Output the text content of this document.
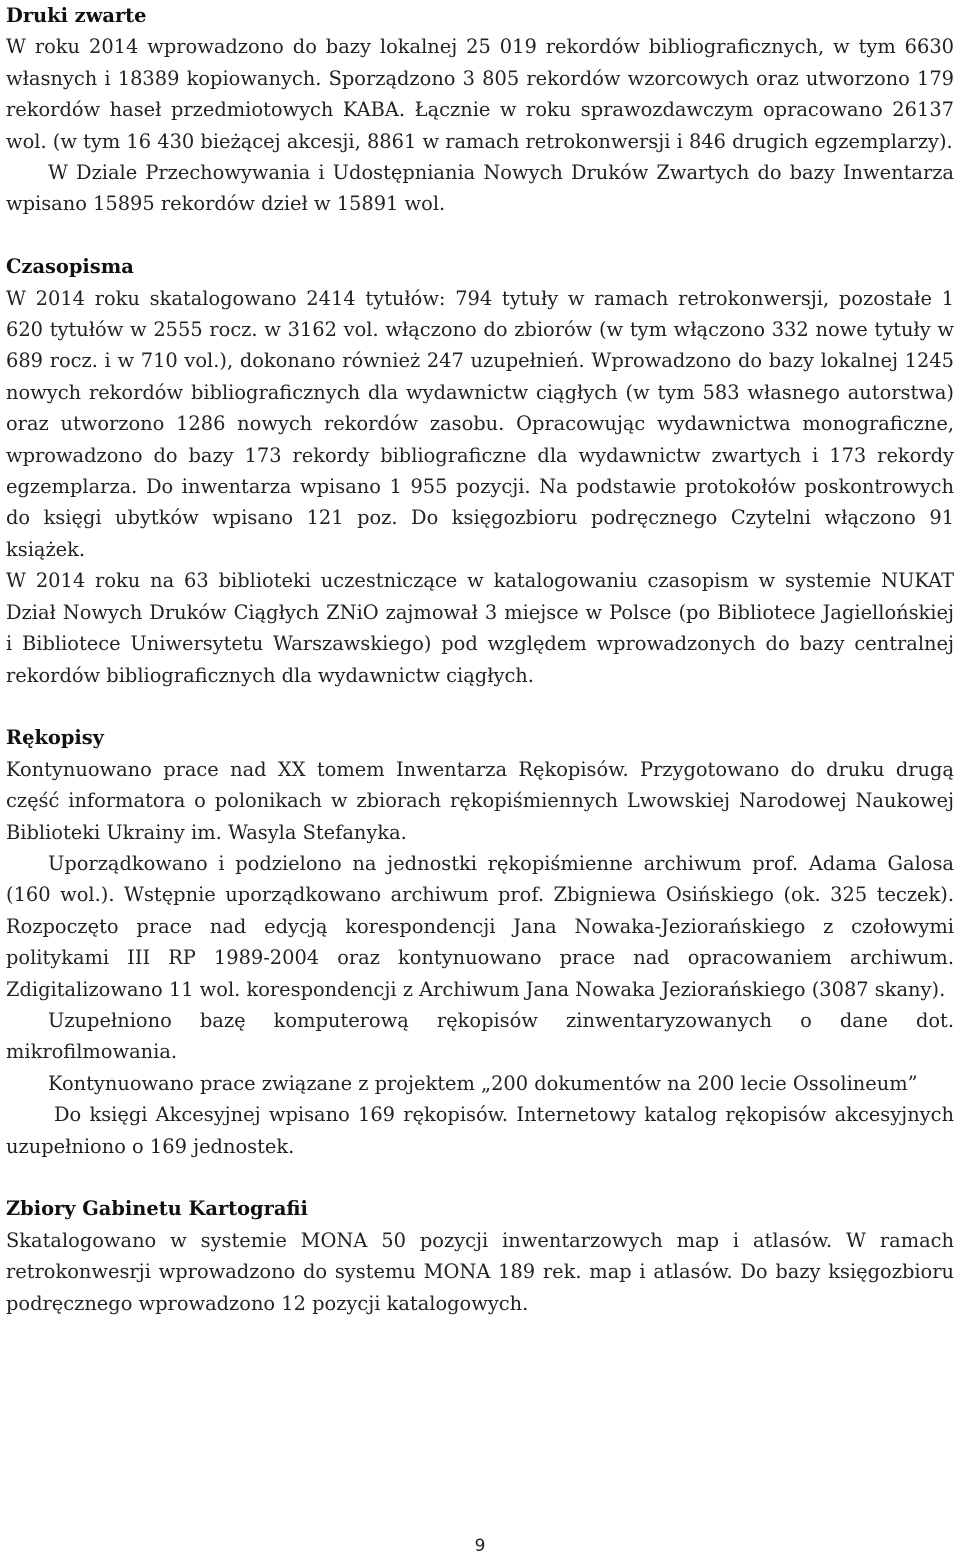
Druki zwarte

W roku 2014 wprowadzono do bazy lokalnej 25 019 rekordów bibliograficznych, w tym 6630 własnych i 18389 kopiowanych. Sporządzono 3 805 rekordów wzorcowych oraz utworzono 179 rekordów haseł przedmiotowych KABA. Łącznie w roku sprawozdawczym opracowano 26137 wol. (w tym 16 430 bieżącej akcesji, 8861 w ramach retrokonwersji i 846 drugich egzemplarzy).

W Dziale Przechowywania i Udostępniania Nowych Druków Zwartych do bazy Inwentarza wpisano 15895 rekordów dzieł w 15891 wol.

Czasopisma

W 2014 roku skatalogowano 2414 tytułów: 794 tytuły w ramach retrokonwersji, pozostałe 1 620 tytułów w 2555 rocz. w 3162 vol. włączono do zbiorów (w tym włączono 332 nowe tytuły w 689 rocz. i w 710 vol.), dokonano również 247 uzupełnień. Wprowadzono do bazy lokalnej 1245 nowych rekordów bibliograficznych dla wydawnictw ciągłych (w tym 583 własnego autorstwa) oraz utworzono 1286 nowych rekordów zasobu. Opracowując wydawnictwa monograficzne, wprowadzono do bazy 173 rekordy bibliograficzne dla wydawnictw zwartych i 173 rekordy egzemplarza. Do inwentarza wpisano 1 955 pozycji. Na podstawie protokołów poskontrowych do księgi ubytków wpisano 121 poz. Do księgozbioru podręcznego Czytelni włączono 91 książek.

W 2014 roku na 63 biblioteki uczestniczące w katalogowaniu czasopism w systemie NUKAT Dział Nowych Druków Ciągłych ZNiO zajmował 3 miejsce w Polsce (po Bibliotece Jagiellońskiej i Bibliotece Uniwersytetu Warszawskiego) pod względem wprowadzonych do bazy centralnej rekordów bibliograficznych dla wydawnictw ciągłych.

Rękopisy

Kontynuowano prace nad XX tomem Inwentarza Rękopisów. Przygotowano do druku drugą część informatora o polonikach w zbiorach rękopiśmiennych Lwowskiej Narodowej Naukowej Biblioteki Ukrainy im. Wasyla Stefanyka.

Uporządkowano i podzielono na jednostki rękopiśmienne archiwum prof. Adama Galosa (160 wol.). Wstępnie uporządkowano archiwum prof. Zbigniewa Osińskiego (ok. 325 teczek). Rozpoczęto prace nad edycją korespondencji Jana Nowaka-Jeziorańskiego z czołowymi politykami III RP 1989-2004 oraz kontynuowano prace nad opracowaniem archiwum. Zdigitalizowano 11 wol. korespondencji z Archiwum Jana Nowaka Jeziorańskiego (3087 skany).

Uzupełniono bazę komputerową rękopisów zinwentaryzowanych o dane dot. mikrofilmowania.

Kontynuowano prace związane z projektem „200 dokumentów na 200 lecie Ossolineum”

Do księgi Akcesyjnej wpisano 169 rękopisów. Internetowy katalog rękopisów akcesyjnych uzupełniono o 169 jednostek.

Zbiory Gabinetu Kartografii

Skatalogowano w systemie MONA 50 pozycji inwentarzowych map i atlasów. W ramach retrokonwesrji wprowadzono do systemu MONA 189 rek. map i atlasów. Do bazy księgozbioru podręcznego wprowadzono 12 pozycji katalogowych.

9
